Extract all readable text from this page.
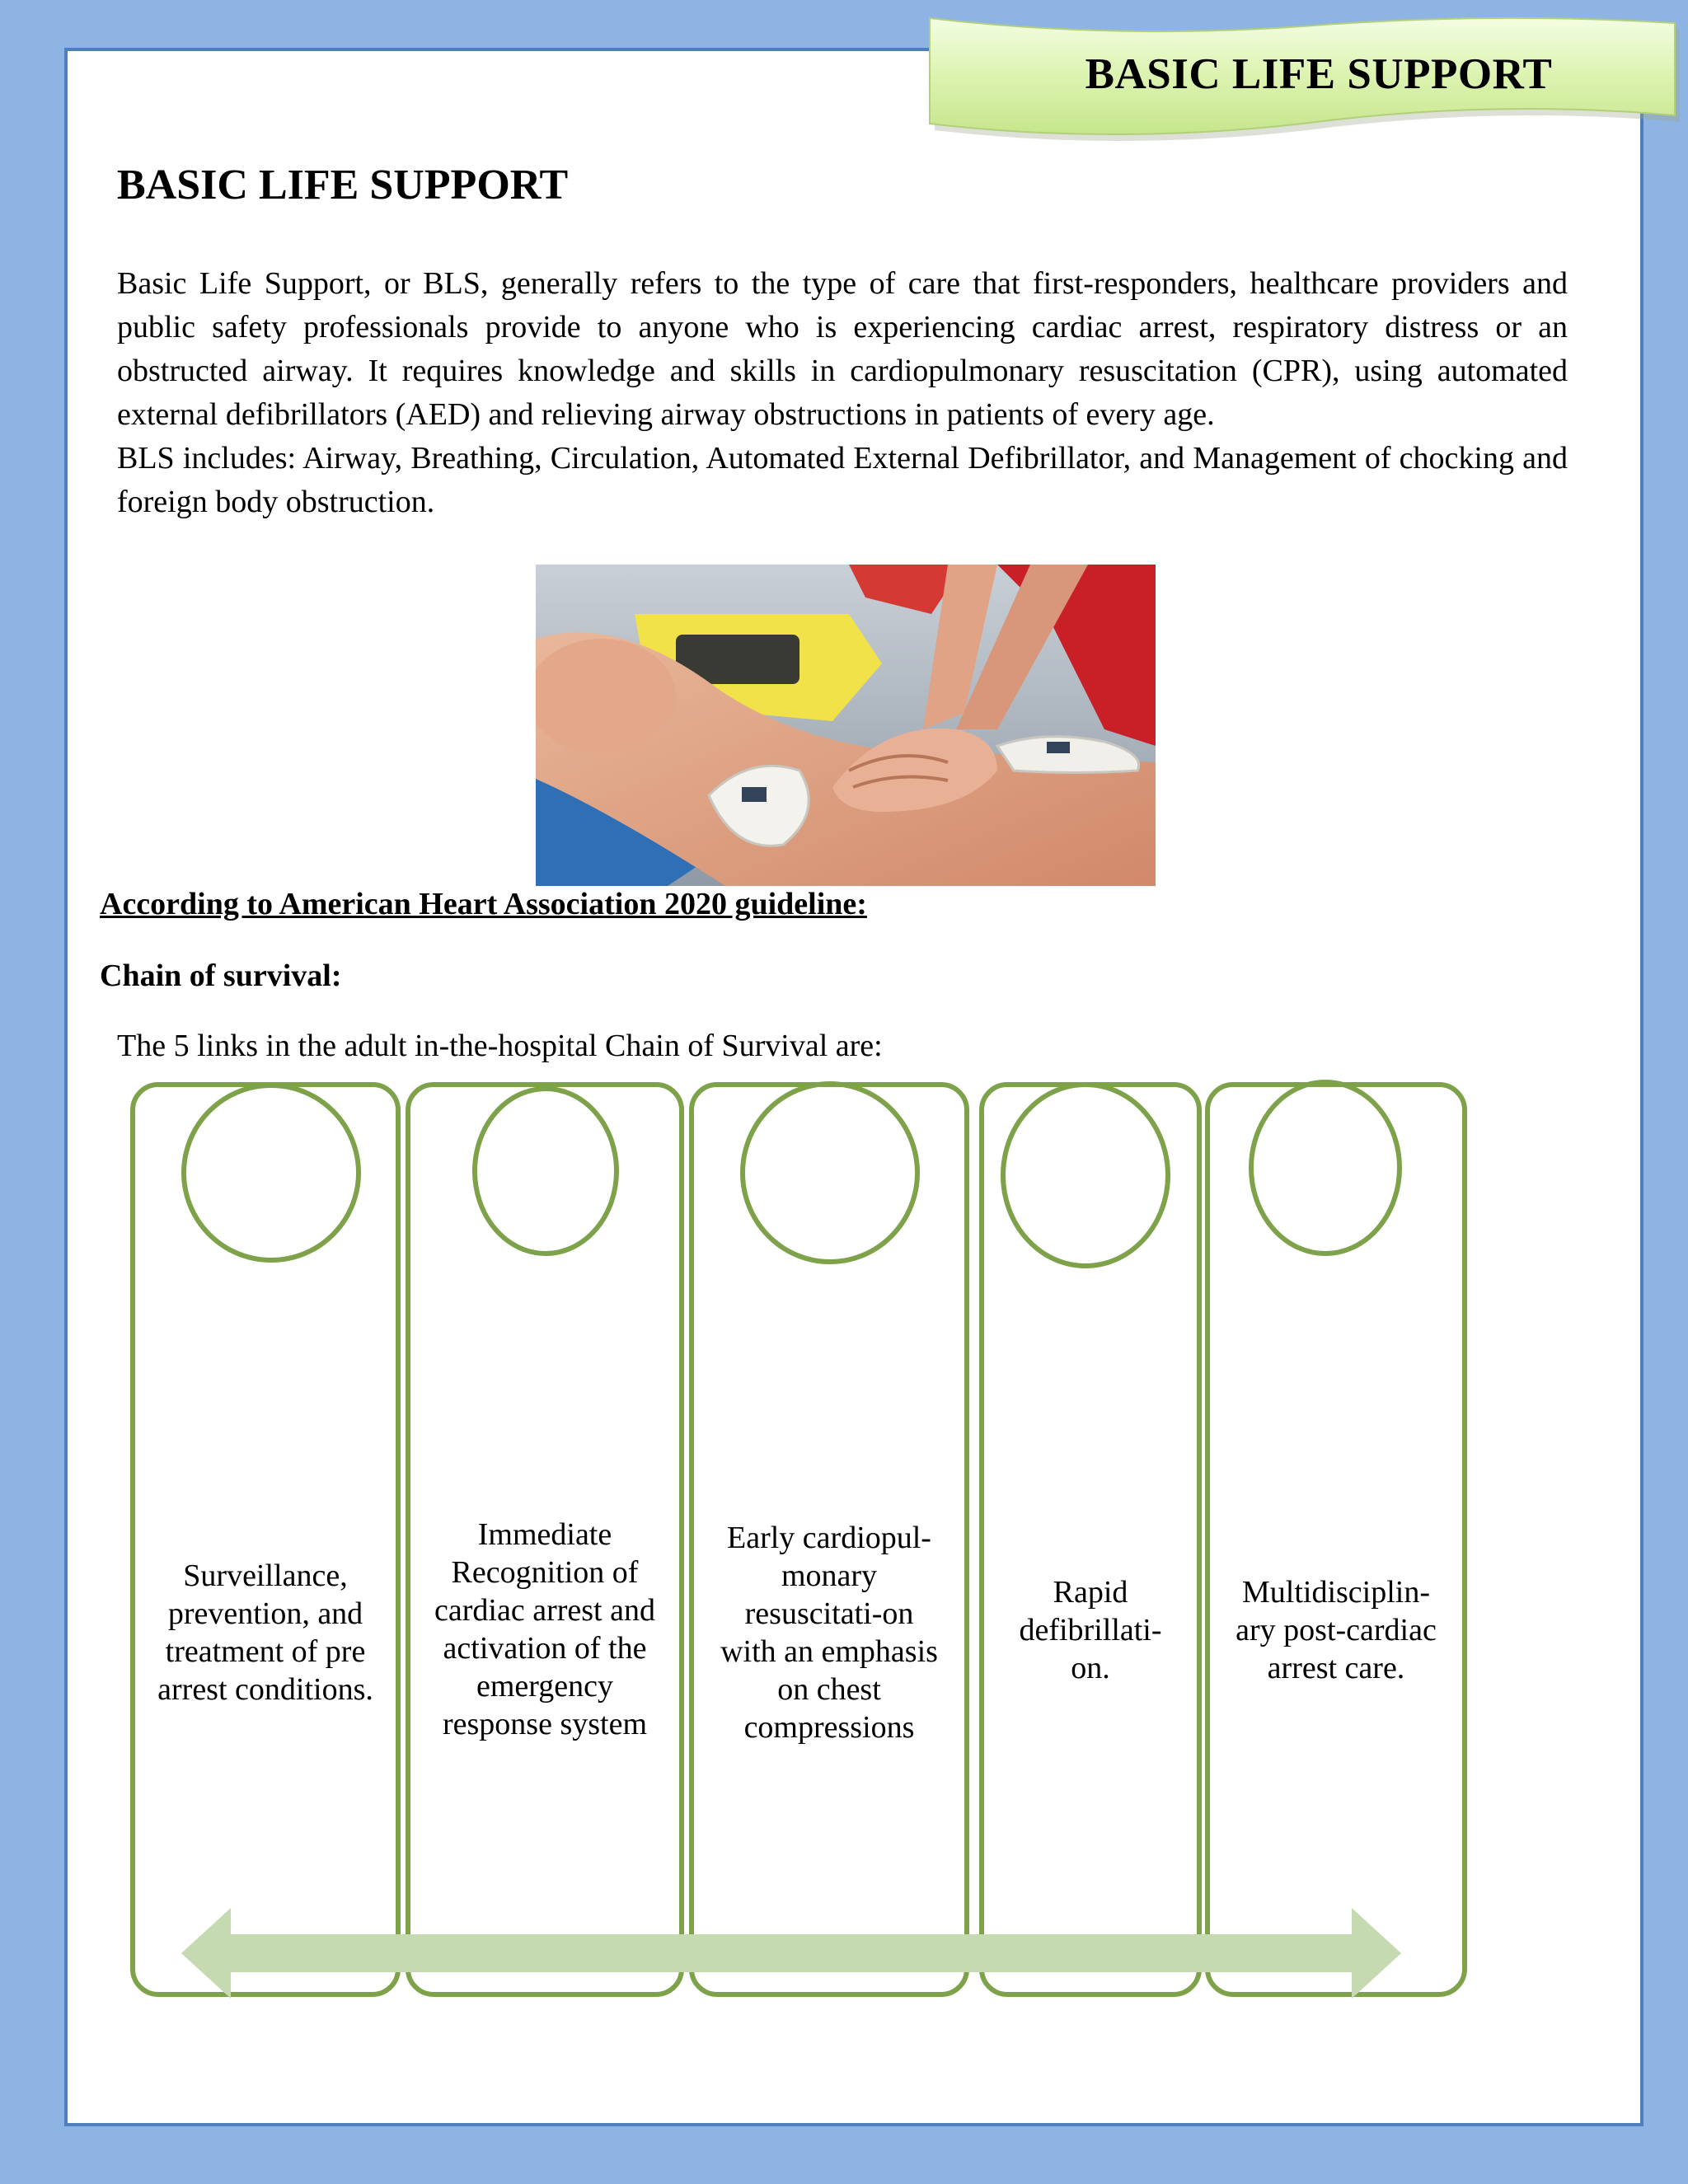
BASIC LIFE SUPPORT
BASIC LIFE SUPPORT

Basic Life Support, or BLS, generally refers to the type of care that first-responders, healthcare providers and public safety professionals provide to anyone who is experiencing cardiac arrest, respiratory distress or an obstructed airway. It requires knowledge and skills in cardiopulmonary resuscitation (CPR), using automated external defibrillators (AED) and relieving airway obstructions in patients of every age.

BLS includes: Airway, Breathing, Circulation, Automated External Defibrillator, and Management of chocking and foreign body obstruction.

According to American Heart Association 2020 guideline:
Chain of survival:
The 5 links in the adult in-the-hospital Chain of Survival are:
Surveillance,
prevention, and
treatment of pre
arrest conditions.
Immediate
Recognition of
cardiac arrest and
activation of the
emergency
response system
Early cardiopul-
monary
resuscitati-on
with an emphasis
on chest
compressions
Rapid
defibrillati-
on.
Multidisciplin-
ary post-cardiac
arrest care.
